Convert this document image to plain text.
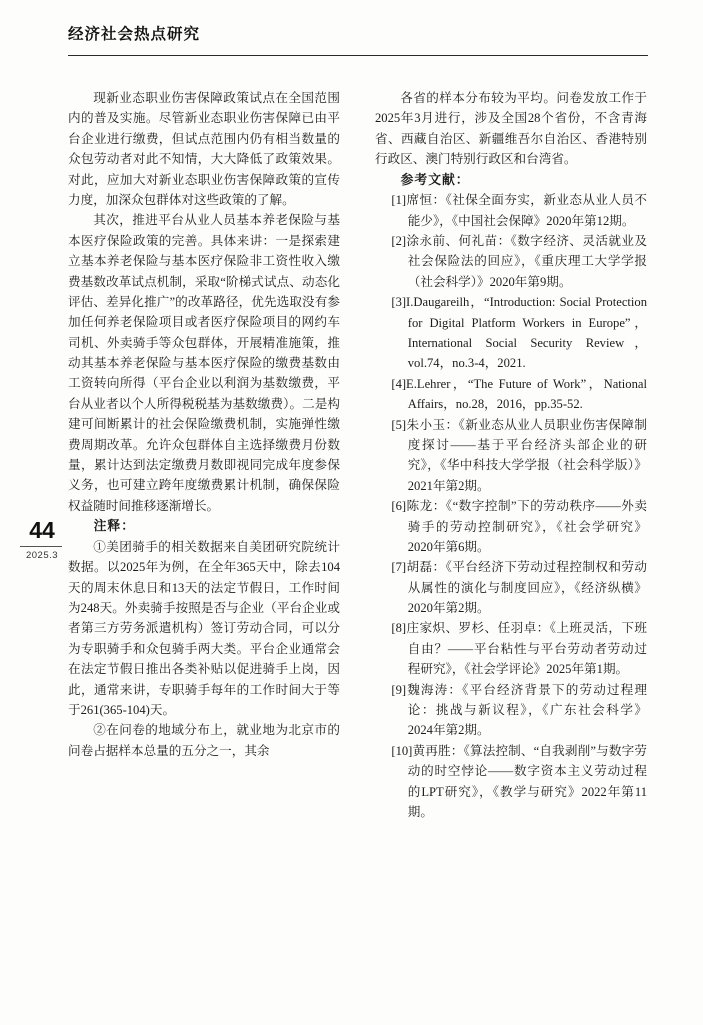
经济社会热点研究
44
2025.3

现新业态职业伤害保障政策试点在全国范围内的普及实施。尽管新业态职业伤害保障已由平台企业进行缴费，但试点范围内仍有相当数量的众包劳动者对此不知情，大大降低了政策效果。对此，应加大对新业态职业伤害保障政策的宣传力度，加深众包群体对这些政策的了解。

其次，推进平台从业人员基本养老保险与基本医疗保险政策的完善。具体来讲：一是探索建立基本养老保险与基本医疗保险非工资性收入缴费基数改革试点机制，采取“阶梯式试点、动态化评估、差异化推广”的改革路径，优先选取没有参加任何养老保险项目或者医疗保险项目的网约车司机、外卖骑手等众包群体，开展精准施策，推动其基本养老保险与基本医疗保险的缴费基数由工资转向所得（平台企业以利润为基数缴费，平台从业者以个人所得税税基为基数缴费）。二是构建可间断累计的社会保险缴费机制，实施弹性缴费周期改革。允许众包群体自主选择缴费月份数量，累计达到法定缴费月数即视同完成年度参保义务，也可建立跨年度缴费累计机制，确保保险权益随时间推移逐渐增长。

注释：

①美团骑手的相关数据来自美团研究院统计数据。以2025年为例，在全年365天中，除去104天的周末休息日和13天的法定节假日，工作时间为248天。外卖骑手按照是否与企业（平台企业或者第三方劳务派遣机构）签订劳动合同，可以分为专职骑手和众包骑手两大类。平台企业通常会在法定节假日推出各类补贴以促进骑手上岗，因此，通常来讲，专职骑手每年的工作时间大于等于261(365-104)天。

②在问卷的地域分布上，就业地为北京市的问卷占据样本总量的五分之一，其余

各省的样本分布较为平均。问卷发放工作于2025年3月进行，涉及全国28个省份，不含青海省、西藏自治区、新疆维吾尔自治区、香港特别行政区、澳门特别行政区和台湾省。

参考文献：

[1]席恒：《社保全面夯实，新业态从业人员不能少》，《中国社会保障》2020年第12期。

[2]涂永前、何礼苗：《数字经济、灵活就业及社会保险法的回应》，《重庆理工大学学报（社会科学）》2020年第9期。

[3]I.Daugareilh，“Introduction: Social Protection for Digital Platform Workers in Europe”，International Social Security Review，vol.74，no.3-4，2021.

[4]E.Lehrer，“The Future of Work”，National Affairs，no.28，2016，pp.35-52.

[5]朱小玉：《新业态从业人员职业伤害保障制度探讨——基于平台经济头部企业的研究》，《华中科技大学学报（社会科学版）》2021年第2期。

[6]陈龙：《“数字控制”下的劳动秩序——外卖骑手的劳动控制研究》，《社会学研究》2020年第6期。

[7]胡磊：《平台经济下劳动过程控制权和劳动从属性的演化与制度回应》，《经济纵横》2020年第2期。

[8]庄家炽、罗杉、任羽卓：《上班灵活，下班自由？——平台粘性与平台劳动者劳动过程研究》，《社会学评论》2025年第1期。

[9]魏海涛：《平台经济背景下的劳动过程理论：挑战与新议程》，《广东社会科学》2024年第2期。

[10]黄再胜：《算法控制、“自我剥削”与数字劳动的时空悖论——数字资本主义劳动过程的LPT研究》，《教学与研究》2022年第11期。
